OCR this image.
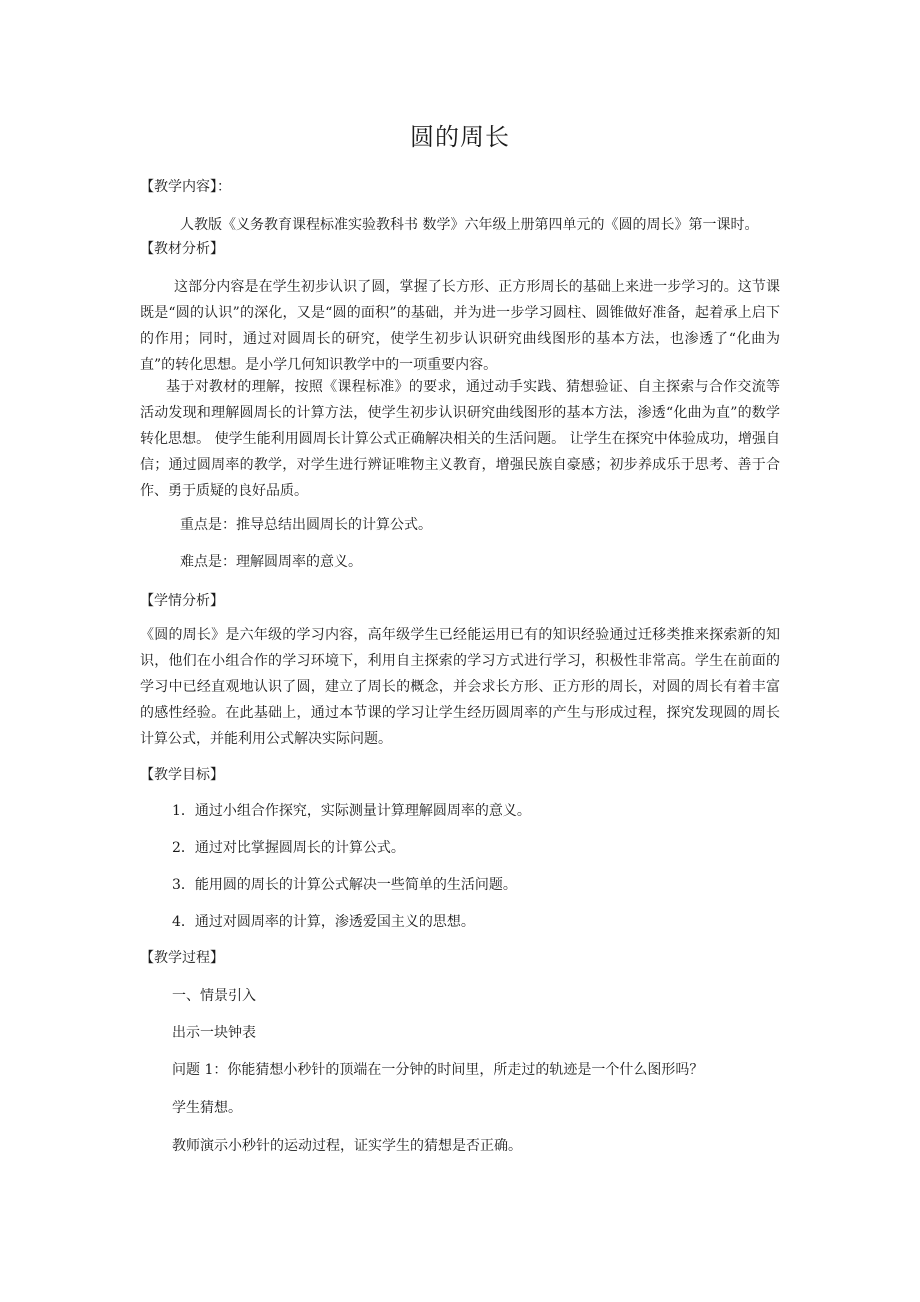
圆的周长
【教学内容】：
人教版《义务教育课程标准实验教科书 数学》六年级上册第四单元的《圆的周长》第一课时。
【教材分析】
这部分内容是在学生初步认识了圆，掌握了长方形、正方形周长的基础上来进一步学习的。这节课既是“圆的认识”的深化，又是“圆的面积”的基础，并为进一步学习圆柱、圆锥做好准备，起着承上启下的作用；同时，通过对圆周长的研究，使学生初步认识研究曲线图形的基本方法，也渗透了“化曲为直”的转化思想。是小学几何知识教学中的一项重要内容。
基于对教材的理解，按照《课程标准》的要求，通过动手实践、猜想验证、自主探索与合作交流等活动发现和理解圆周长的计算方法，使学生初步认识研究曲线图形的基本方法，渗透“化曲为直”的数学转化思想。 使学生能利用圆周长计算公式正确解决相关的生活问题。 让学生在探究中体验成功，增强自信；通过圆周率的教学，对学生进行辨证唯物主义教育，增强民族自豪感；初步养成乐于思考、善于合作、勇于质疑的良好品质。
重点是：推导总结出圆周长的计算公式。
难点是：理解圆周率的意义。
【学情分析】
《圆的周长》是六年级的学习内容，高年级学生已经能运用已有的知识经验通过迁移类推来探索新的知识，他们在小组合作的学习环境下，利用自主探索的学习方式进行学习，积极性非常高。学生在前面的学习中已经直观地认识了圆，建立了周长的概念，并会求长方形、正方形的周长，对圆的周长有着丰富的感性经验。在此基础上，通过本节课的学习让学生经历圆周率的产生与形成过程，探究发现圆的周长计算公式，并能利用公式解决实际问题。
【教学目标】
1．通过小组合作探究，实际测量计算理解圆周率的意义。
2．通过对比掌握圆周长的计算公式。
3．能用圆的周长的计算公式解决一些简单的生活问题。
4．通过对圆周率的计算，渗透爱国主义的思想。
【教学过程】
一、情景引入
出示一块钟表
问题 1：你能猜想小秒针的顶端在一分钟的时间里，所走过的轨迹是一个什么图形吗？
学生猜想。
教师演示小秒针的运动过程，证实学生的猜想是否正确。
